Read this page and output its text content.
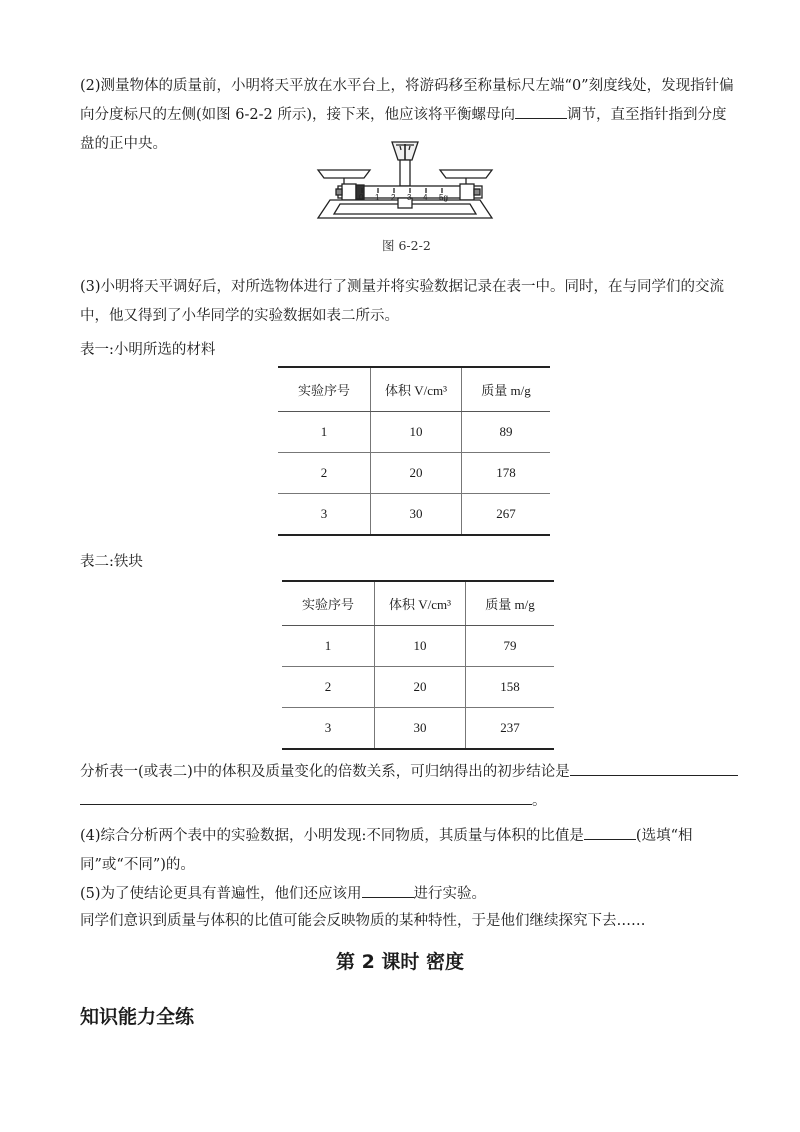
(2)测量物体的质量前，小明将天平放在水平台上，将游码移至称量标尺左端“0”刻度线处，发现指针偏向分度标尺的左侧(如图 6-2-2 所示)，接下来，他应该将平衡螺母向	调节，直至指针指到分度盘的正中央。

0 1 2 3 4 5g
图 6-2-2

(3)小明将天平调好后，对所选物体进行了测量并将实验数据记录在表一中。同时，在与同学们的交流中，他又得到了小华同学的实验数据如表二所示。

表一:小明所选的材料
实验序号	体积 V/cm³	质量 m/g
1	10	89
2	20	178
3	30	267
表二:铁块
实验序号	体积 V/cm³	质量 m/g
1	10	79
2	20	158
3	30	237

分析表一(或表二)中的体积及质量变化的倍数关系，可归纳得出的初步结论是
。

(4)综合分析两个表中的实验数据，小明发现:不同物质，其质量与体积的比值是	(选填“相同”或“不同”)的。

(5)为了使结论更具有普遍性，他们还应该用	进行实验。

同学们意识到质量与体积的比值可能会反映物质的某种特性，于是他们继续探究下去……

第 2 课时 密度
知识能力全练
